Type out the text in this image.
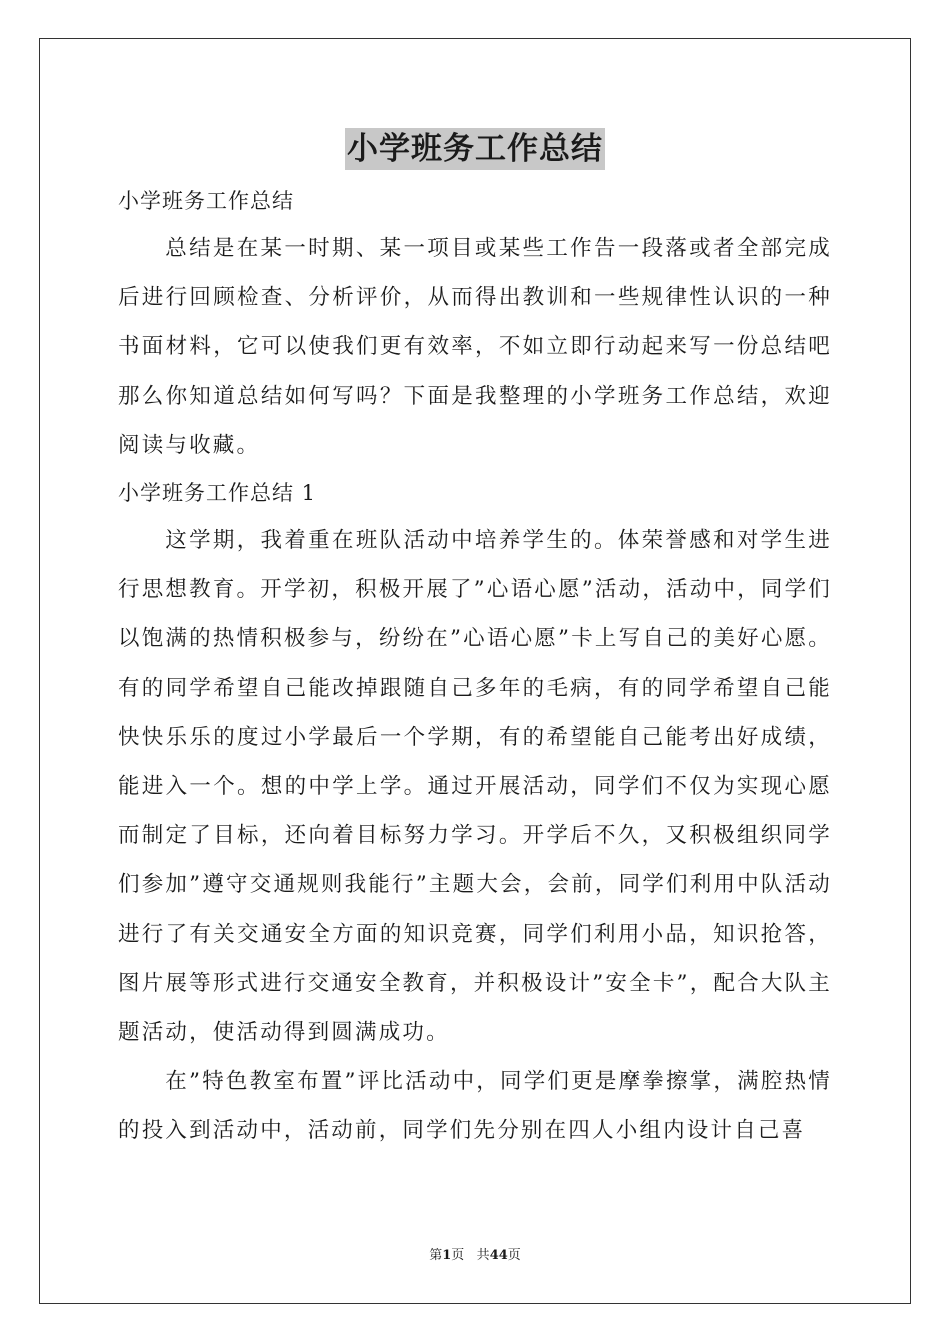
小学班务工作总结

小学班务工作总结

总结是在某一时期、某一项目或某些工作告一段落或者全部完成后进行回顾检查、分析评价，从而得出教训和一些规律性认识的一种书面材料，它可以使我们更有效率，不如立即行动起来写一份总结吧那么你知道总结如何写吗？下面是我整理的小学班务工作总结，欢迎阅读与收藏。

小学班务工作总结 1

这学期，我着重在班队活动中培养学生的。体荣誉感和对学生进行思想教育。开学初，积极开展了”心语心愿”活动，活动中，同学们以饱满的热情积极参与，纷纷在”心语心愿”卡上写自己的美好心愿。有的同学希望自己能改掉跟随自己多年的毛病，有的同学希望自己能快快乐乐的度过小学最后一个学期，有的希望能自己能考出好成绩，能进入一个。想的中学上学。通过开展活动，同学们不仅为实现心愿而制定了目标，还向着目标努力学习。开学后不久，又积极组织同学们参加”遵守交通规则我能行”主题大会，会前，同学们利用中队活动进行了有关交通安全方面的知识竞赛，同学们利用小品，知识抢答，图片展等形式进行交通安全教育，并积极设计”安全卡”，配合大队主题活动，使活动得到圆满成功。

在”特色教室布置”评比活动中，同学们更是摩拳擦掌，满腔热情的投入到活动中，活动前，同学们先分别在四人小组内设计自己喜

第1页 共44页
